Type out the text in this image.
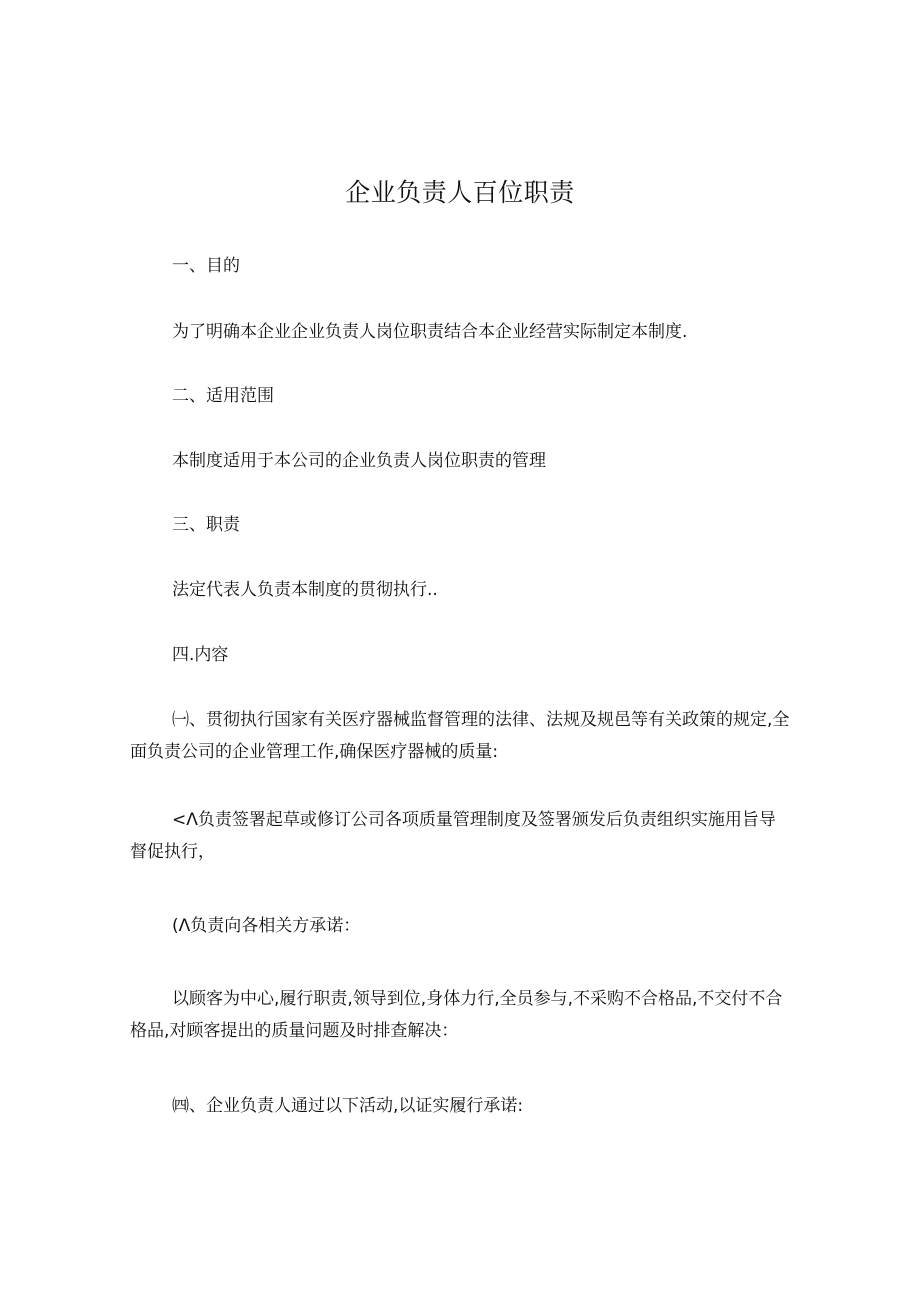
企业负责人百位职责
一、目的
为了明确本企业企业负责人岗位职责结合本企业经营实际制定本制度.
二、适用范围
本制度适用于本公司的企业负责人岗位职责的管理
三、职责
法定代表人负责本制度的贯彻执行..
四.内容
㈠、贯彻执行国家有关医疗器械监督管理的法律、法规及规邑等有关政策的规定,全面负责公司的企业管理工作,确保医疗器械的质量:
<Λ负责签署起草或修订公司各项质量管理制度及签署颁发后负责组织实施用旨导督促执行，
(Λ负责向各相关方承诺：
以顾客为中心,履行职责,领导到位,身体力行,全员参与,不采购不合格品,不交付不合格品,对顾客提出的质量问题及时排查解决：
㈣、企业负责人通过以下活动,以证实履行承诺:
